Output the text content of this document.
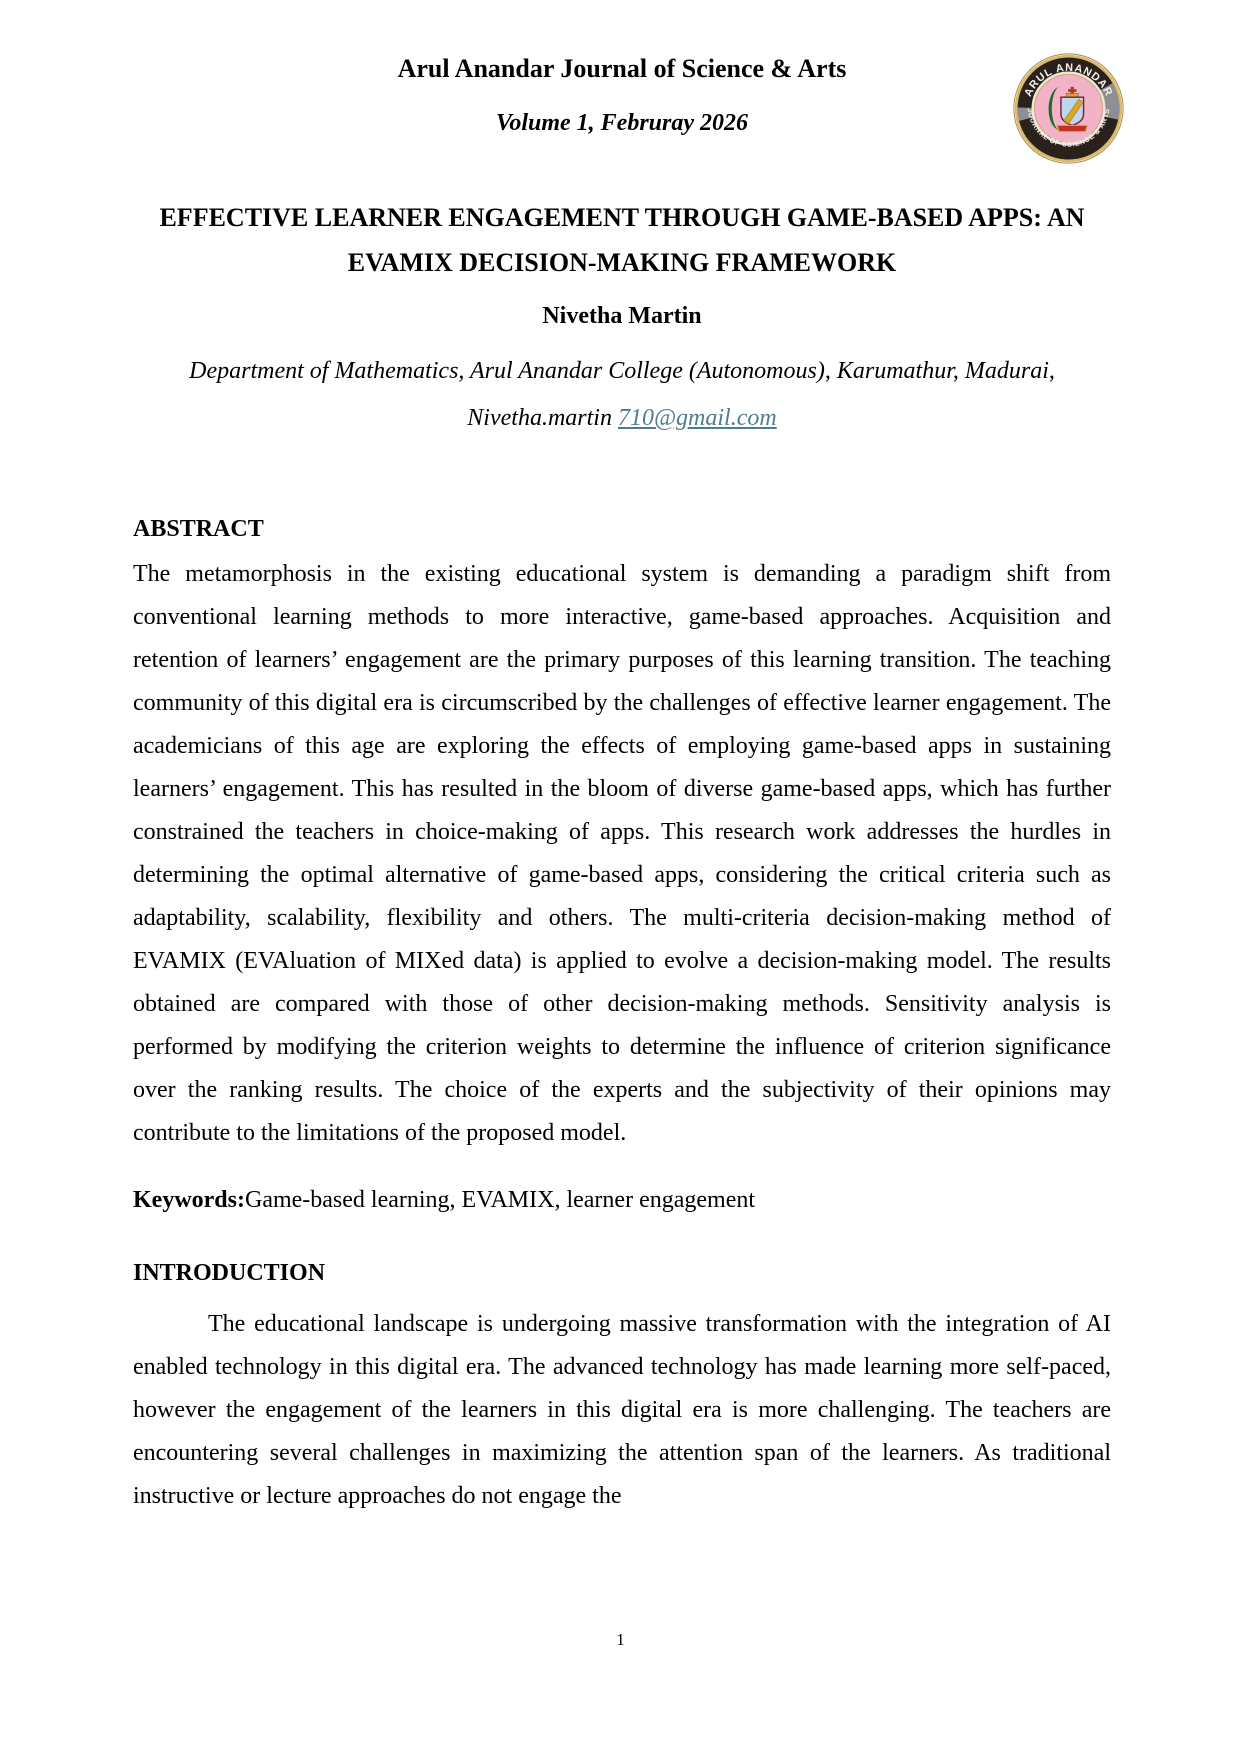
ARUL ANANDAR
JOURNAL OF SCIENCE & ARTS

Arul Anandar Journal of Science & Arts

Volume 1, Februray 2026

EFFECTIVE LEARNER ENGAGEMENT THROUGH GAME-BASED APPS: AN EVAMIX DECISION-MAKING FRAMEWORK

Nivetha Martin

Department of Mathematics, Arul Anandar College (Autonomous), Karumathur, Madurai, Nivetha.martin 710@gmail.com

ABSTRACT

The metamorphosis in the existing educational system is demanding a paradigm shift from conventional learning methods to more interactive, game-based approaches. Acquisition and retention of learners’ engagement are the primary purposes of this learning transition. The teaching community of this digital era is circumscribed by the challenges of effective learner engagement. The academicians of this age are exploring the effects of employing game-based apps in sustaining learners’ engagement. This has resulted in the bloom of diverse game-based apps, which has further constrained the teachers in choice-making of apps. This research work addresses the hurdles in determining the optimal alternative of game-based apps, considering the critical criteria such as adaptability, scalability, flexibility and others. The multi-criteria decision-making method of EVAMIX (EVAluation of MIXed data) is applied to evolve a decision-making model. The results obtained are compared with those of other decision-making methods. Sensitivity analysis is performed by modifying the criterion weights to determine the influence of criterion significance over the ranking results. The choice of the experts and the subjectivity of their opinions may contribute to the limitations of the proposed model.

Keywords:Game-based learning, EVAMIX, learner engagement

INTRODUCTION

The educational landscape is undergoing massive transformation with the integration of AI enabled technology in this digital era. The advanced technology has made learning more self-paced, however the engagement of the learners in this digital era is more challenging. The teachers are encountering several challenges in maximizing the attention span of the learners. As traditional instructive or lecture approaches do not engage the

1
